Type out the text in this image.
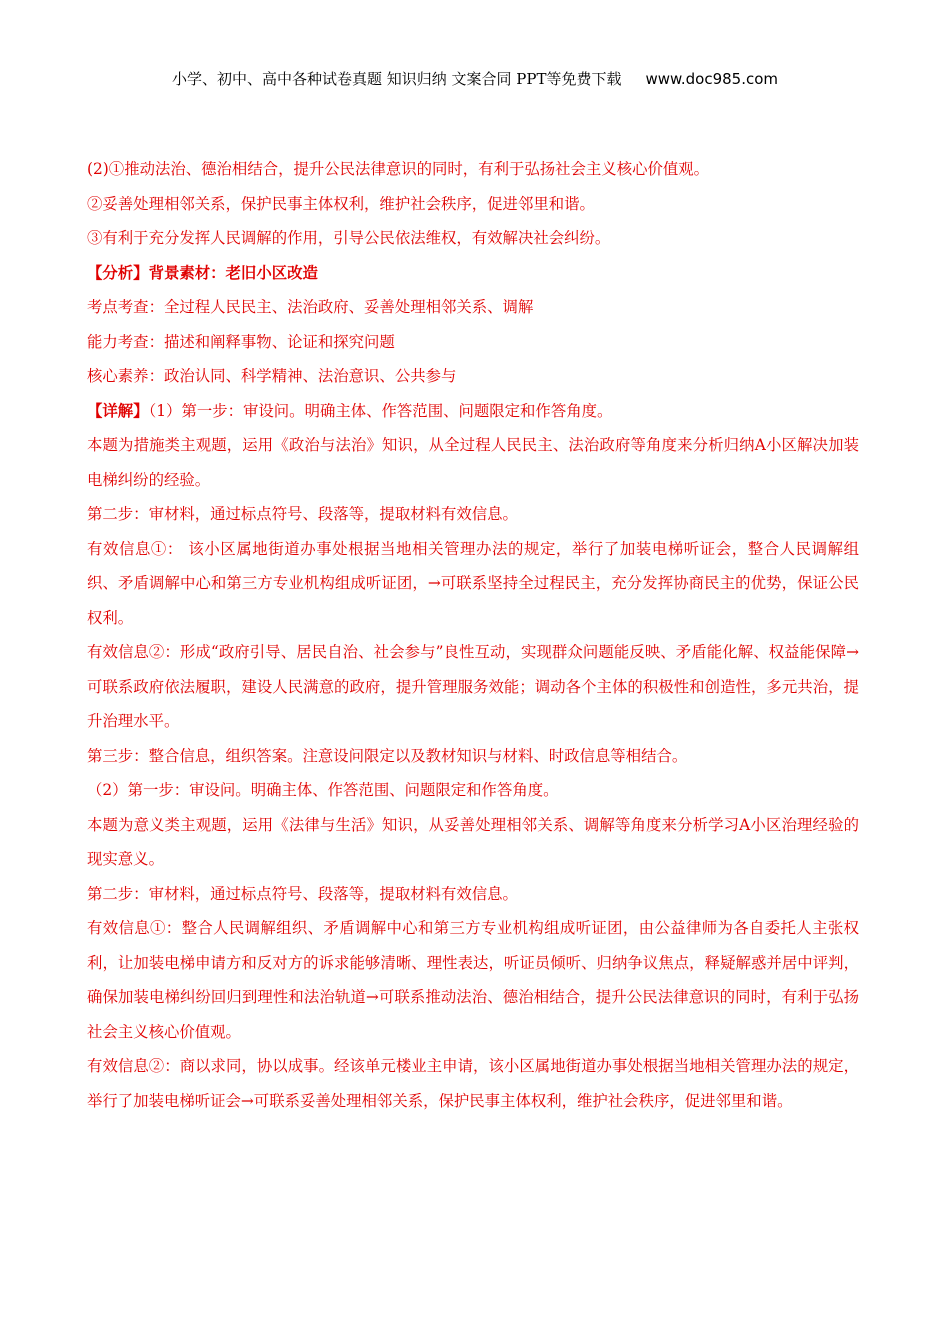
小学、初中、高中各种试卷真题 知识归纳 文案合同 PPT等免费下载 www.doc985.com

(2)①推动法治、德治相结合，提升公民法律意识的同时，有利于弘扬社会主义核心价值观。

②妥善处理相邻关系，保护民事主体权利，维护社会秩序，促进邻里和谐。

③有利于充分发挥人民调解的作用，引导公民依法维权，有效解决社会纠纷。

【分析】背景素材：老旧小区改造

考点考查：全过程人民民主、法治政府、妥善处理相邻关系、调解

能力考查：描述和阐释事物、论证和探究问题

核心素养：政治认同、科学精神、法治意识、公共参与

【详解】（1）第一步：审设问。明确主体、作答范围、问题限定和作答角度。

本题为措施类主观题，运用《政治与法治》知识，从全过程人民民主、法治政府等角度来分析归纳A小区解决加装电梯纠纷的经验。

第二步：审材料，通过标点符号、段落等，提取材料有效信息。

有效信息①： 该小区属地街道办事处根据当地相关管理办法的规定，举行了加装电梯听证会，整合人民调解组织、矛盾调解中心和第三方专业机构组成听证团，→可联系坚持全过程民主，充分发挥协商民主的优势，保证公民权利。

有效信息②：形成“政府引导、居民自治、社会参与”良性互动，实现群众问题能反映、矛盾能化解、权益能保障→可联系政府依法履职，建设人民满意的政府，提升管理服务效能；调动各个主体的积极性和创造性，多元共治，提升治理水平。

第三步：整合信息，组织答案。注意设问限定以及教材知识与材料、时政信息等相结合。

（2）第一步：审设问。明确主体、作答范围、问题限定和作答角度。

本题为意义类主观题，运用《法律与生活》知识，从妥善处理相邻关系、调解等角度来分析学习A小区治理经验的现实意义。

第二步：审材料，通过标点符号、段落等，提取材料有效信息。

有效信息①：整合人民调解组织、矛盾调解中心和第三方专业机构组成听证团，由公益律师为各自委托人主张权利，让加装电梯申请方和反对方的诉求能够清晰、理性表达，听证员倾听、归纳争议焦点，释疑解惑并居中评判，确保加装电梯纠纷回归到理性和法治轨道→可联系推动法治、德治相结合，提升公民法律意识的同时，有利于弘扬社会主义核心价值观。

有效信息②：商以求同，协以成事。经该单元楼业主申请，该小区属地街道办事处根据当地相关管理办法的规定，举行了加装电梯听证会→可联系妥善处理相邻关系，保护民事主体权利，维护社会秩序，促进邻里和谐。
